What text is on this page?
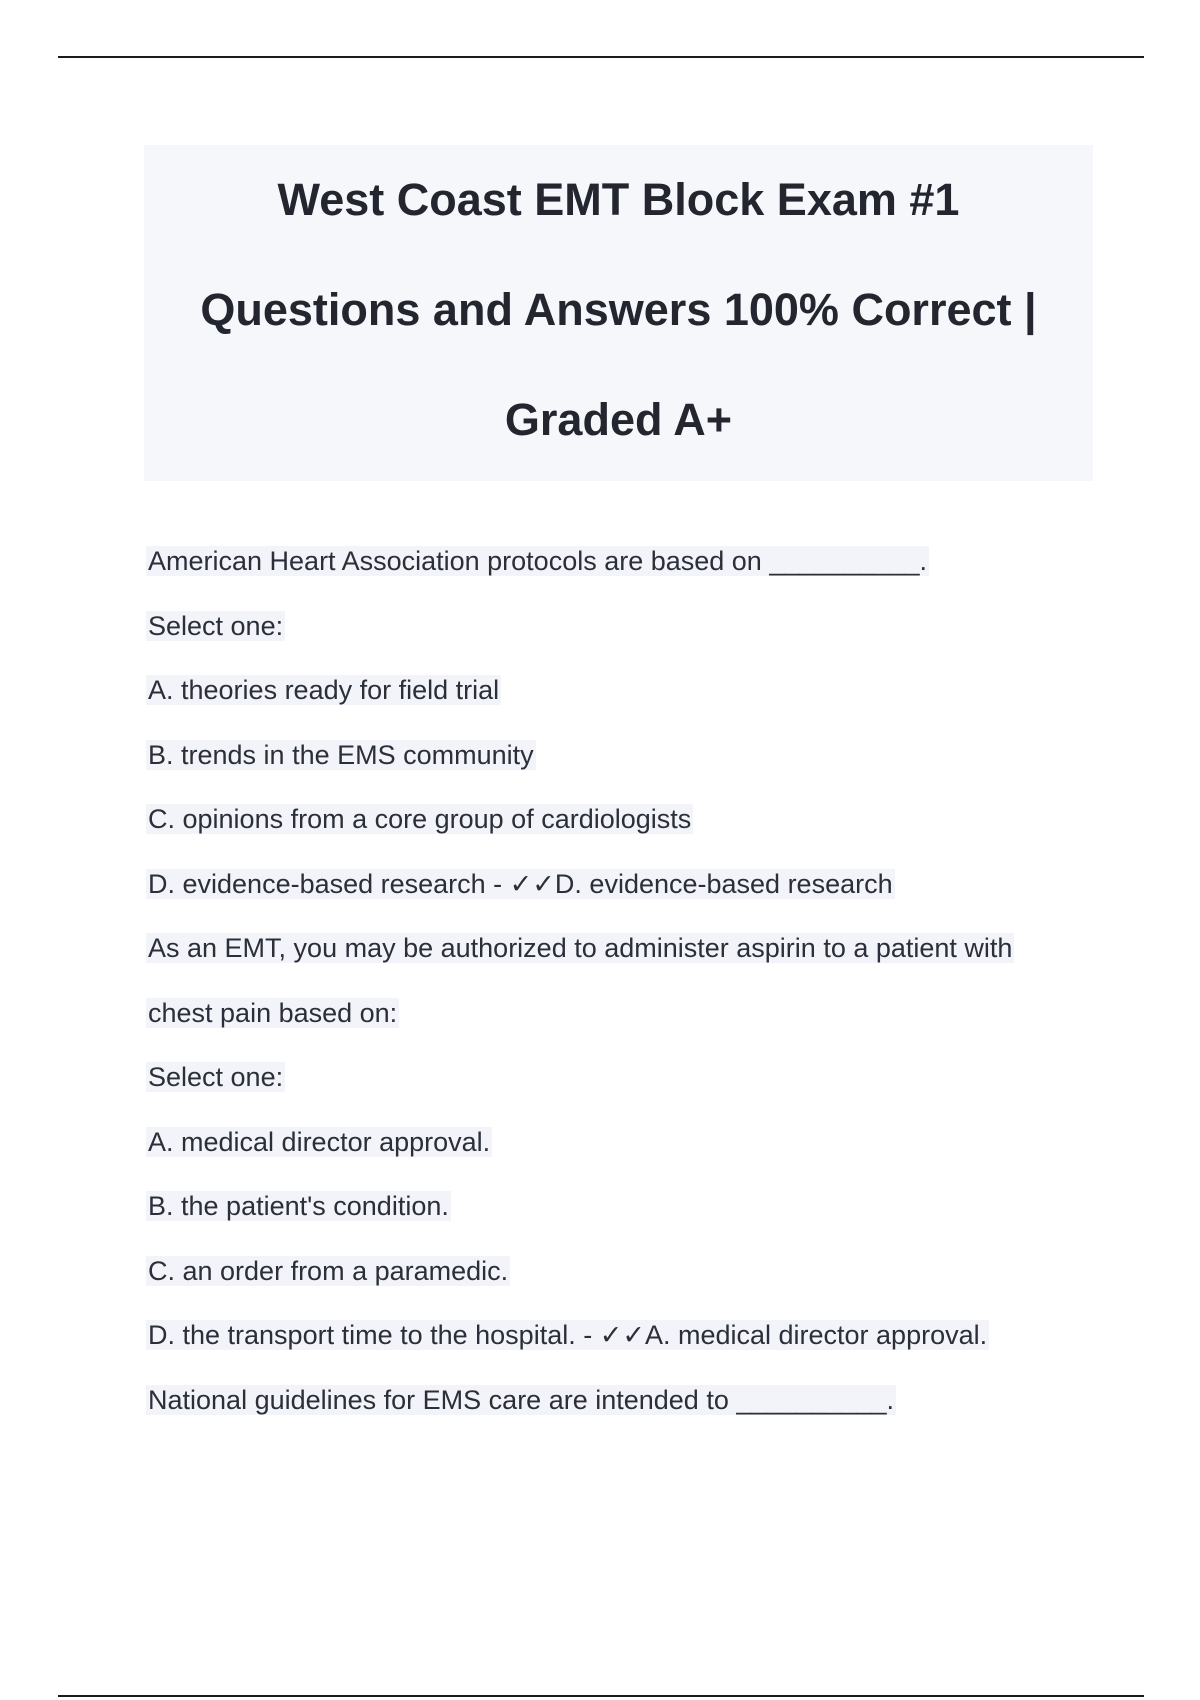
West Coast EMT Block Exam #1
Questions and Answers 100% Correct |
Graded A+
American Heart Association protocols are based on __________.
Select one:
A. theories ready for field trial
B. trends in the EMS community
C. opinions from a core group of cardiologists
D. evidence-based research - ✓✓D. evidence-based research
As an EMT, you may be authorized to administer aspirin to a patient with
chest pain based on:
Select one:
A. medical director approval.
B. the patient's condition.
C. an order from a paramedic.
D. the transport time to the hospital. - ✓✓A. medical director approval.
National guidelines for EMS care are intended to __________.
